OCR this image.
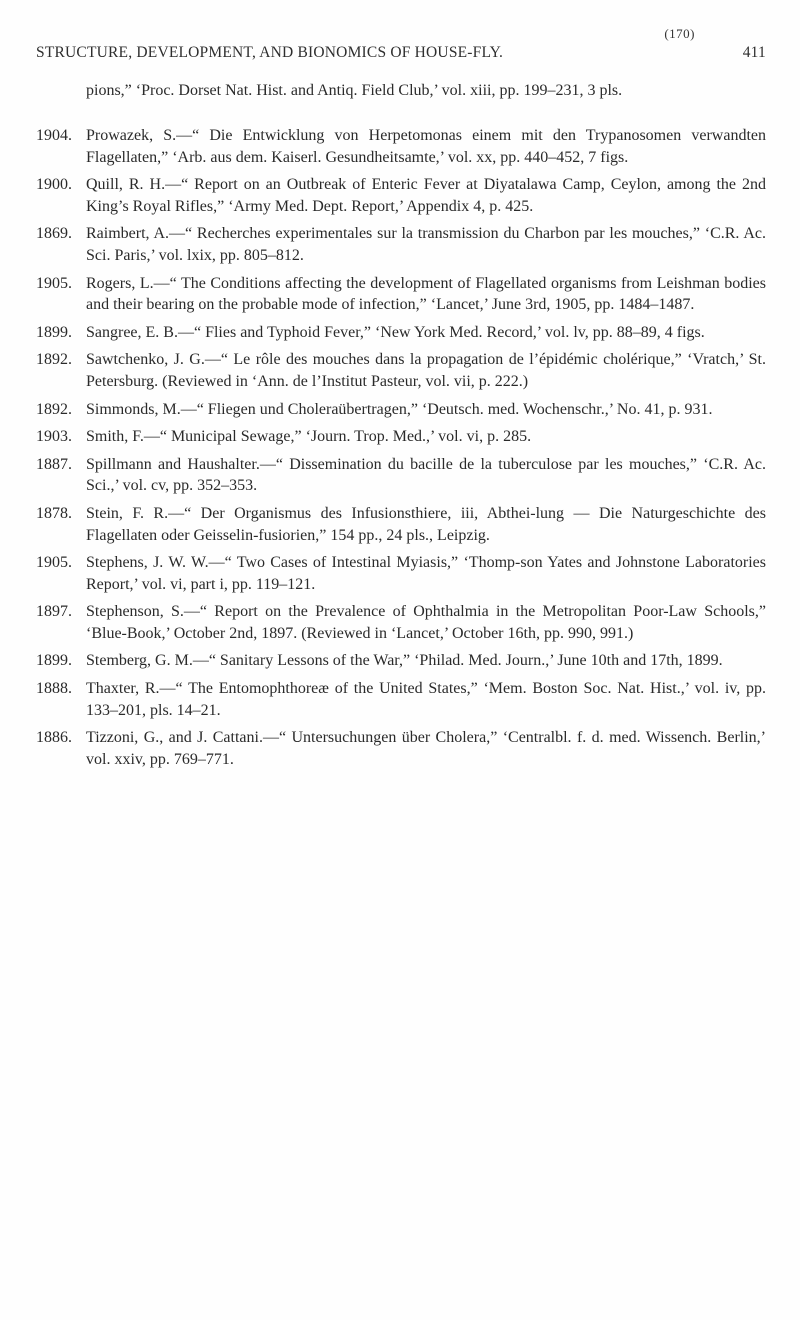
(170)
STRUCTURE, DEVELOPMENT, AND BIONOMICS OF HOUSE-FLY.	411
pions,” ‘Proc. Dorset Nat. Hist. and Antiq. Field Club,’ vol. xiii, pp. 199–231, 3 pls.
1904. Prowazek, S.—“ Die Entwicklung von Herpetomonas einem mit den Trypanosomen verwandten Flagellaten,” ‘Arb. aus dem. Kaiserl. Gesundheitsamte,’ vol. xx, pp. 440–452, 7 figs.
1900. Quill, R. H.—“ Report on an Outbreak of Enteric Fever at Diyatalawa Camp, Ceylon, among the 2nd King’s Royal Rifles,” ‘Army Med. Dept. Report,’ Appendix 4, p. 425.
1869. Raimbert, A.—“ Recherches experimentales sur la transmission du Charbon par les mouches,” ‘C.R. Ac. Sci. Paris,’ vol. lxix, pp. 805–812.
1905. Rogers, L.—“ The Conditions affecting the development of Flagellated organisms from Leishman bodies and their bearing on the probable mode of infection,” ‘Lancet,’ June 3rd, 1905, pp. 1484–1487.
1899. Sangree, E. B.—“ Flies and Typhoid Fever,” ‘New York Med. Record,’ vol. lv, pp. 88–89, 4 figs.
1892. Sawtchenko, J. G.—“ Le rôle des mouches dans la propagation de l’épidémic cholérique,” ‘Vratch,’ St. Petersburg. (Reviewed in ‘Ann. de l’Institut Pasteur, vol. vii, p. 222.)
1892. Simmonds, M.—“ Fliegen und Choleraübertragen,” ‘Deutsch. med. Wochenschr.,’ No. 41, p. 931.
1903. Smith, F.—“ Municipal Sewage,” ‘Journ. Trop. Med.,’ vol. vi, p. 285.
1887. Spillmann and Haushalter.—“ Dissemination du bacille de la tuberculose par les mouches,” ‘C.R. Ac. Sci.,’ vol. cv, pp. 352–353.
1878. Stein, F. R.—“ Der Organismus des Infusionsthiere, iii, Abthei-lung — Die Naturgeschichte des Flagellaten oder Geisselin-fusiorien,” 154 pp., 24 pls., Leipzig.
1905. Stephens, J. W. W.—“ Two Cases of Intestinal Myiasis,” ‘Thomp-son Yates and Johnstone Laboratories Report,’ vol. vi, part i, pp. 119–121.
1897. Stephenson, S.—“ Report on the Prevalence of Ophthalmia in the Metropolitan Poor-Law Schools,” ‘Blue-Book,’ October 2nd, 1897. (Reviewed in ‘Lancet,’ October 16th, pp. 990, 991.)
1899. Stemberg, G. M.—“ Sanitary Lessons of the War,” ‘Philad. Med. Journ.,’ June 10th and 17th, 1899.
1888. Thaxter, R.—“ The Entomophthoreæ of the United States,” ‘Mem. Boston Soc. Nat. Hist.,’ vol. iv, pp. 133–201, pls. 14–21.
1886. Tizzoni, G., and J. Cattani.—“ Untersuchungen über Cholera,” ‘Centralbl. f. d. med. Wissench. Berlin,’ vol. xxiv, pp. 769–771.
